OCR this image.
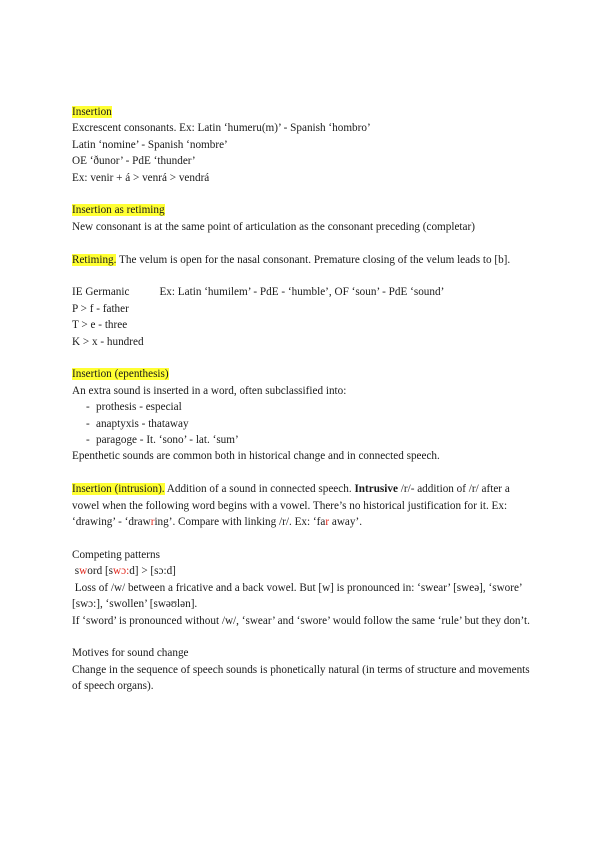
Insertion
Excrescent consonants. Ex: Latin ‘humeru(m)’ - Spanish ‘hombro’
Latin ‘nomine’ - Spanish ‘nombre’
OE ‘ðunor’ - PdE ‘thunder’
Ex: venir + á > venrá > vendrá
Insertion as retiming
New consonant is at the same point of articulation as the consonant preceding (completar)
Retiming. The velum is open for the nasal consonant. Premature closing of the velum leads to [b].
IE Germanic	Ex: Latin ‘humilem’ - PdE - ‘humble’, OF ‘soun’ - PdE ‘sound’
P > f - father
T > e - three
K > x - hundred
Insertion (epenthesis)
An extra sound is inserted in a word, often subclassified into:
- prothesis - especial
- anaptyxis - thataway
- paragoge - It. ‘sono’ - lat. ‘sum’
Epenthetic sounds are common both in historical change and in connected speech.
Insertion (intrusion). Addition of a sound in connected speech. Intrusive /r/- addition of /r/ after a vowel when the following word begins with a vowel. There’s no historical justification for it. Ex: ‘drawing’ - ‘drawring’. Compare with linking /r/. Ex: ‘far away’.
Competing patterns
sword [swɔ:d] > [sɔ:d]
Loss of /w/ between a fricative and a back vowel. But [w] is pronounced in: ‘swear’ [sweə], ‘swore’ [swɔ:], ‘swollen’ [swəʊlən].
If ‘sword’ is pronounced without /w/, ‘swear’ and ‘swore’ would follow the same ‘rule’ but they don’t.
Motives for sound change
Change in the sequence of speech sounds is phonetically natural (in terms of structure and movements of speech organs).
